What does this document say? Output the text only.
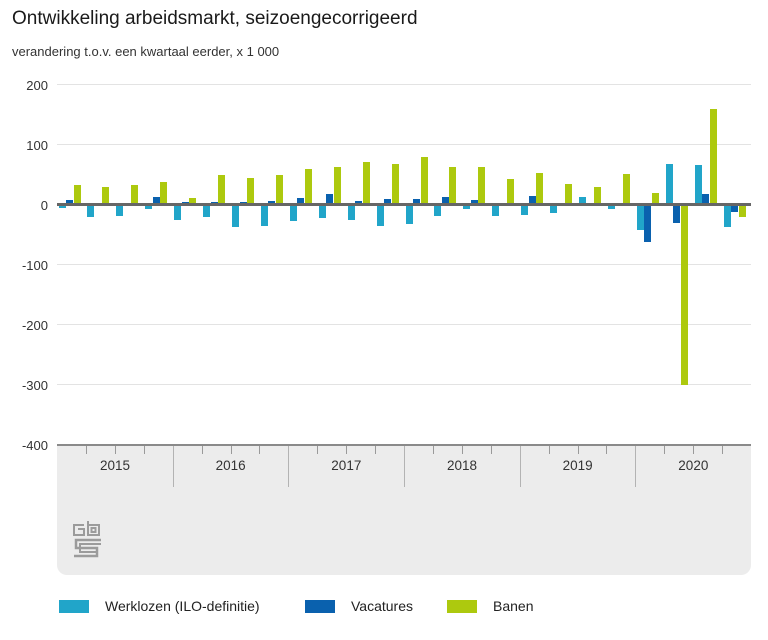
Ontwikkeling arbeidsmarkt, seizoengecorrigeerd
verandering t.o.v. een kwartaal eerder, x 1 000
200
100
0
-100
-200
-300
-400
2015	2016	2017	2018	2019	2020
Werklozen (ILO-definitie)	Vacatures	Banen
